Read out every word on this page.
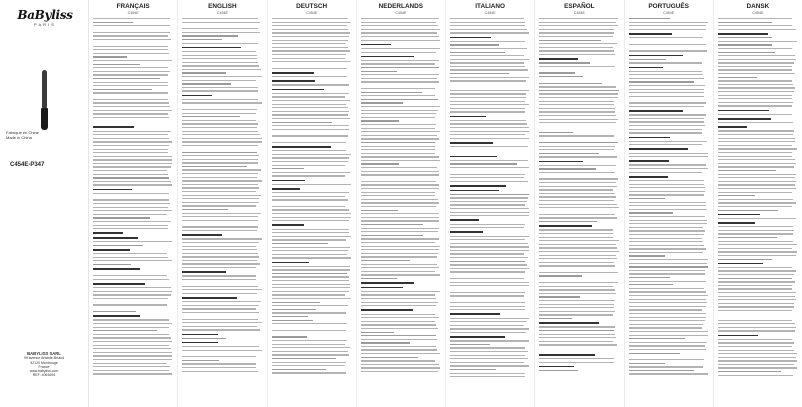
BaByliss
PARIS
Fabriqué en Chine
Made in China
C454E-P347
BABYLISS SARL
99 avenue Aristide-Briand
92120 Montrouge
France
www.babyliss.com
REF: 4061694
FRANÇAIS
C454E
ENGLISH
C454E
DEUTSCH
C454E
NEDERLANDS
C454E
ITALIANO
C454E
ESPAÑOL
C454E
PORTUGUÊS
C454E
DANSK
C454E
